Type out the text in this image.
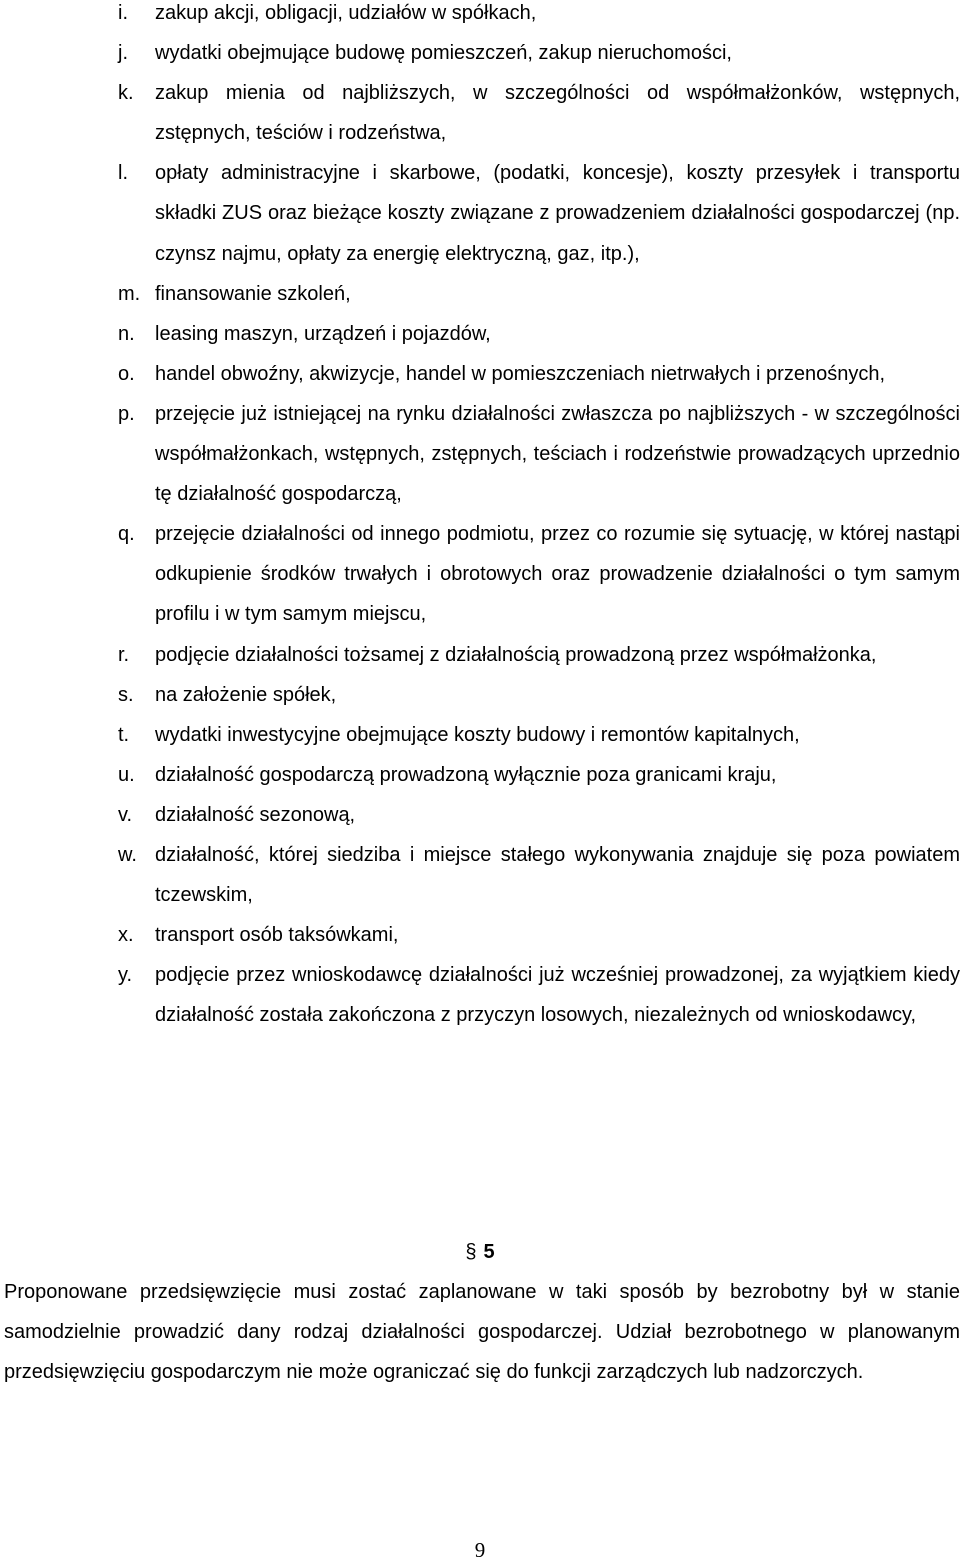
i. zakup akcji, obligacji, udziałów w spółkach,
j. wydatki obejmujące budowę pomieszczeń, zakup nieruchomości,
k. zakup mienia od najbliższych, w szczególności od współmałżonków, wstępnych, zstępnych, teściów i rodzeństwa,
l. opłaty administracyjne i skarbowe, (podatki, koncesje), koszty przesyłek i transportu składki ZUS oraz bieżące koszty związane z prowadzeniem działalności gospodarczej (np. czynsz najmu, opłaty za energię elektryczną, gaz, itp.),
m. finansowanie szkoleń,
n. leasing maszyn, urządzeń i pojazdów,
o. handel obwoźny, akwizycje, handel w pomieszczeniach nietrwałych i przenośnych,
p. przejęcie już istniejącej na rynku działalności zwłaszcza po najbliższych - w szczególności współmałżonkach, wstępnych, zstępnych, teściach i rodzeństwie prowadzących uprzednio tę działalność gospodarczą,
q. przejęcie działalności od innego podmiotu, przez co rozumie się sytuację, w której nastąpi odkupienie środków trwałych i obrotowych oraz prowadzenie działalności o tym samym profilu i w tym samym miejscu,
r. podjęcie działalności tożsamej z działalnością prowadzoną przez współmałżonka,
s. na założenie spółek,
t. wydatki inwestycyjne obejmujące koszty budowy i remontów kapitalnych,
u. działalność gospodarczą prowadzoną wyłącznie poza granicami kraju,
v. działalność sezonową,
w. działalność, której siedziba i miejsce stałego wykonywania znajduje się poza powiatem tczewskim,
x. transport osób taksówkami,
y. podjęcie przez wnioskodawcę działalności już wcześniej prowadzonej, za wyjątkiem kiedy działalność została zakończona z przyczyn losowych, niezależnych od wnioskodawcy,
§ 5

Proponowane przedsięwzięcie musi zostać zaplanowane w taki sposób by bezrobotny był w stanie samodzielnie prowadzić dany rodzaj działalności gospodarczej. Udział bezrobotnego w planowanym przedsięwzięciu gospodarczym nie może ograniczać się do funkcji zarządczych lub nadzorczych.

9
